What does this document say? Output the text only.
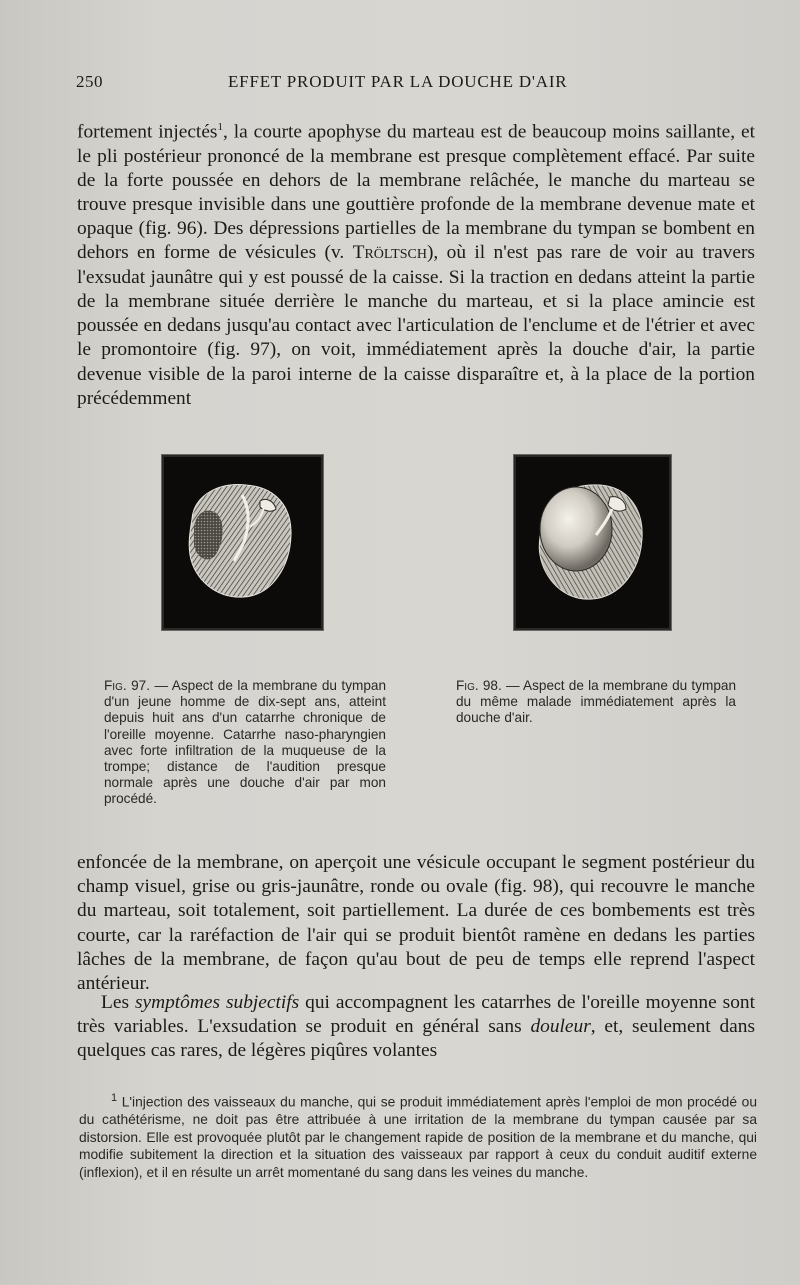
250	EFFET PRODUIT PAR LA DOUCHE D'AIR

fortement injectés$^1$, la courte apophyse du marteau est de beaucoup moins saillante, et le pli postérieur prononcé de la membrane est presque complètement effacé. Par suite de la forte poussée en dehors de la membrane relâchée, le manche du marteau se trouve presque invisible dans une gouttière profonde de la membrane devenue mate et opaque (fig. 96). Des dépressions partielles de la membrane du tympan se bombent en dehors en forme de vésicules (v. Tröltsch), où il n'est pas rare de voir au travers l'exsudat jaunâtre qui y est poussé de la caisse. Si la traction en dedans atteint la partie de la membrane située derrière le manche du marteau, et si la place amincie est poussée en dedans jusqu'au contact avec l'articulation de l'enclume et de l'étrier et avec le promontoire (fig. 97), on voit, immédiatement après la douche d'air, la partie devenue visible de la paroi interne de la caisse disparaître et, à la place de la portion précédemment

Fig. 97. — Aspect de la membrane du tympan d'un jeune homme de dix-sept ans, atteint depuis huit ans d'un catarrhe chronique de l'oreille moyenne. Catarrhe naso-pharyngien avec forte infiltration de la muqueuse de la trompe; distance de l'audition presque normale après une douche d'air par mon procédé.

Fig. 98. — Aspect de la membrane du tympan du même malade immédiatement après la douche d'air.

enfoncée de la membrane, on aperçoit une vésicule occupant le segment postérieur du champ visuel, grise ou gris-jaunâtre, ronde ou ovale (fig. 98), qui recouvre le manche du marteau, soit totalement, soit partiellement. La durée de ces bombements est très courte, car la raréfaction de l'air qui se produit bientôt ramène en dedans les parties lâches de la membrane, de façon qu'au bout de peu de temps elle reprend l'aspect antérieur.

Les symptômes subjectifs qui accompagnent les catarrhes de l'oreille moyenne sont très variables. L'exsudation se produit en général sans douleur, et, seulement dans quelques cas rares, de légères piqûres volantes

$^1$ L'injection des vaisseaux du manche, qui se produit immédiatement après l'emploi de mon procédé ou du cathétérisme, ne doit pas être attribuée à une irritation de la membrane du tympan causée par sa distorsion. Elle est provoquée plutôt par le changement rapide de position de la membrane et du manche, qui modifie subitement la direction et la situation des vaisseaux par rapport à ceux du conduit auditif externe (inflexion), et il en résulte un arrêt momentané du sang dans les veines du manche.
